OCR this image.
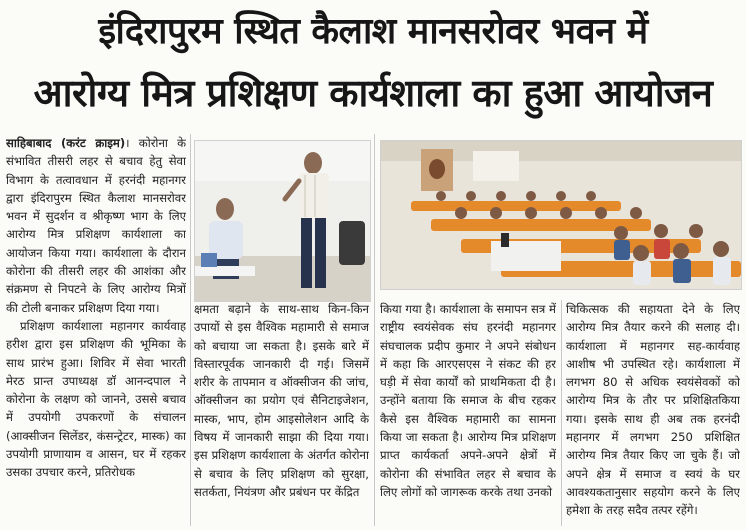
इंदिरापुरम स्थित कैलाश मानसरोवर भवन में
आरोग्य मित्र प्रशिक्षण कार्यशाला का हुआ आयोजन

साहिबाबाद (करंट क्राइम)। कोरोना के संभावित तीसरी लहर से बचाव हेतु सेवा विभाग के तत्वावधान में हरनंदी महानगर द्वारा इंदिरापुरम स्थित कैलाश मानसरोवर भवन में सुदर्शन व श्रीकृष्ण भाग के लिए आरोग्य मित्र प्रशिक्षण कार्यशाला का आयोजन किया गया। कार्यशाला के दौरान कोरोना की तीसरी लहर की आशंका और संक्रमण से निपटने के लिए आरोग्य मित्रों की टोली बनाकर प्रशिक्षण दिया गया।

प्रशिक्षण कार्यशाला महानगर कार्यवाह हरीश द्वारा इस प्रशिक्षण की भूमिका के साथ प्रारंभ हुआ। शिविर में सेवा भारती मेरठ प्रान्त उपाध्यक्ष डॉ आनन्दपाल ने कोरोना के लक्षण को जानने, उससे बचाव में उपयोगी उपकरणों के संचालन (आक्सीजन सिलेंडर, कंसन्ट्रेटर, मास्क) का उपयोगी प्राणायाम व आसन, घर में रहकर उसका उपचार करने, प्रतिरोधक

क्षमता बढ़ाने के साथ-साथ किन-किन उपायों से इस वैश्विक महामारी से समाज को बचाया जा सकता है। इसके बारे में विस्तारपूर्वक जानकारी दी गई। जिसमें शरीर के तापमान व ऑक्सीजन की जांच, ऑक्सीजन का प्रयोग एवं सैनिटाइजेशन, मास्क, भाप, होम आइसोलेशन आदि के विषय में जानकारी साझा की दिया गया। इस प्रशिक्षण कार्यशाला के अंतर्गत कोरोना से बचाव के लिए प्रशिक्षण को सुरक्षा, सतर्कता, नियंत्रण और प्रबंधन पर केंद्रित
किया गया है। कार्यशाला के समापन सत्र में राष्ट्रीय स्वयंसेवक संघ हरनंदी महानगर संघचालक प्रदीप कुमार ने अपने संबोधन में कहा कि आरएसएस ने संकट की हर घड़ी में सेवा कार्यों को प्राथमिकता दी है। उन्होंने बताया कि समाज के बीच रहकर कैसे इस वैश्विक महामारी का सामना किया जा सकता है। आरोग्य मित्र प्रशिक्षण प्राप्त कार्यकर्ता अपने-अपने क्षेत्रों में कोरोना की संभावित लहर से बचाव के लिए लोगों को जागरूक करके तथा उनको
चिकित्सक की सहायता देने के लिए आरोग्य मित्र तैयार करने की सलाह दी। कार्यशाला में महानगर सह-कार्यवाह आशीष भी उपस्थित रहे। कार्यशाला में लगभग 80 से अधिक स्वयंसेवकों को आरोग्य मित्र के तौर पर प्रशिक्षितकिया गया। इसके साथ ही अब तक हरनंदी महानगर में लगभग 250 प्रशिक्षित आरोग्य मित्र तैयार किए जा चुके हैं। जो अपने क्षेत्र में समाज व स्वयं के घर आवश्यकतानुसार सहयोग करने के लिए हमेशा के तरह सदैव तत्पर रहेंगे।
